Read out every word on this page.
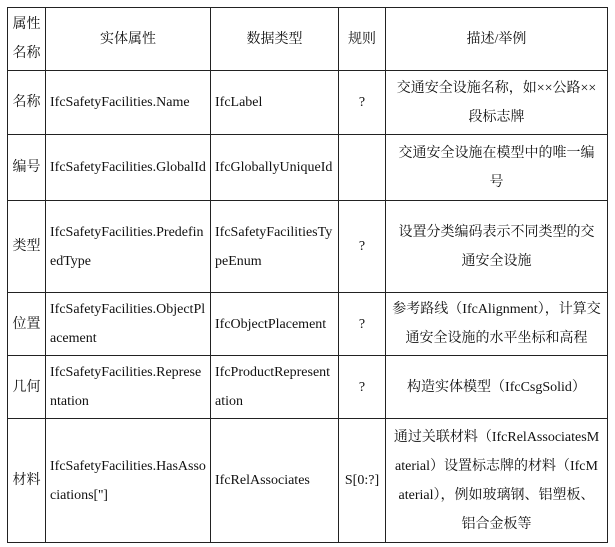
属性名称	实体属性	数据类型	规则	描述/举例
名称	IfcSafetyFacilities.Name	IfcLabel	?	交通安全设施名称，如××公路××段标志牌
编号	IfcSafetyFacilities.GlobalId	IfcGloballyUniqueId		交通安全设施在模型中的唯一编号
类型	IfcSafetyFacilities.PredefinedType	IfcSafetyFacilitiesTypeEnum	?	设置分类编码表示不同类型的交通安全设施
位置	IfcSafetyFacilities.ObjectPlacement	IfcObjectPlacement	?	参考路线（IfcAlignment），计算交通安全设施的水平坐标和高程
几何	IfcSafetyFacilities.Representation	IfcProductRepresentation	?	构造实体模型（IfcCsgSolid）
材料	IfcSafetyFacilities.HasAssociations['']	IfcRelAssociates	S[0:?]	通过关联材料（IfcRelAssociatesMaterial）设置标志牌的材料（IfcMaterial），例如玻璃钢、铝塑板、铝合金板等
